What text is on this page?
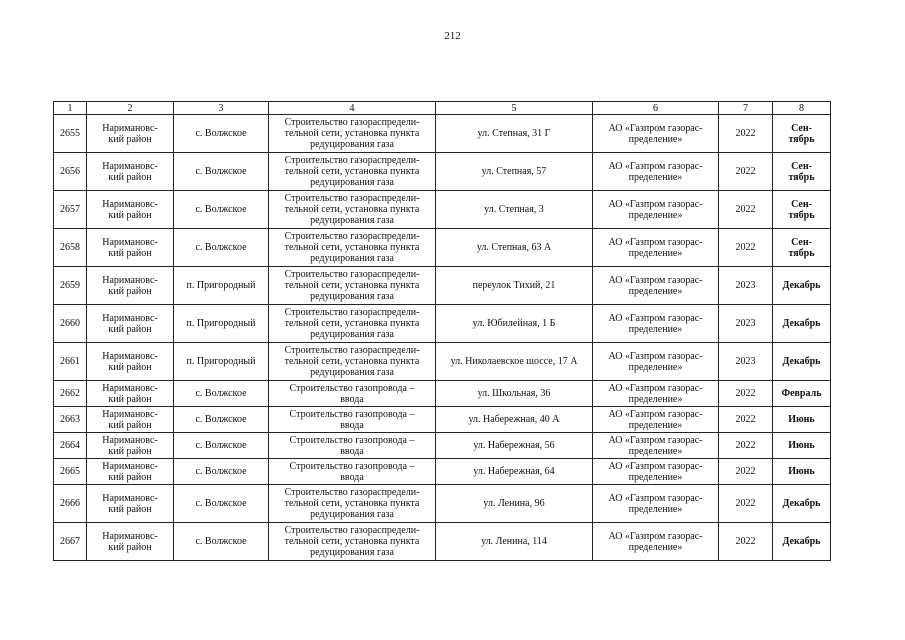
212
1	2	3	4	5	6	7	8
2655	Наримановс-
кий район	с. Волжское	Строительство газораспредели-
тельной сети, установка пункта
редуцирования газа	ул. Степная, 31 Г	АО «Газпром газорас-
пределение»	2022	Сен-
тябрь

2656	Наримановс-
кий район	с. Волжское	Строительство газораспредели-
тельной сети, установка пункта
редуцирования газа	ул. Степная, 57	АО «Газпром газорас-
пределение»	2022	Сен-
тябрь

2657	Наримановс-
кий район	с. Волжское	Строительство газораспредели-
тельной сети, установка пункта
редуцирования газа	ул. Степная, 3	АО «Газпром газорас-
пределение»	2022	Сен-
тябрь

2658	Наримановс-
кий район	с. Волжское	Строительство газораспредели-
тельной сети, установка пункта
редуцирования газа	ул. Степная, 63 А	АО «Газпром газорас-
пределение»	2022	Сен-
тябрь

2659	Наримановс-
кий район	п. Пригородный	Строительство газораспредели-
тельной сети, установка пункта
редуцирования газа	переулок Тихий, 21	АО «Газпром газорас-
пределение»	2023	Декабрь

2660	Наримановс-
кий район	п. Пригородный	Строительство газораспредели-
тельной сети, установка пункта
редуцирования газа	ул. Юбилейная, 1 Б	АО «Газпром газорас-
пределение»	2023	Декабрь

2661	Наримановс-
кий район	п. Пригородный	Строительство газораспредели-
тельной сети, установка пункта
редуцирования газа	ул. Николаевское шоссе, 17 А	АО «Газпром газорас-
пределение»	2023	Декабрь

2662	Наримановс-
кий район	с. Волжское	Строительство газопровода –
ввода	ул. Школьная, 36	АО «Газпром газорас-
пределение»	2022	Февраль

2663	Наримановс-
кий район	с. Волжское	Строительство газопровода –
ввода	ул. Набережная, 40 А	АО «Газпром газорас-
пределение»	2022	Июнь

2664	Наримановс-
кий район	с. Волжское	Строительство газопровода –
ввода	ул. Набережная, 56	АО «Газпром газорас-
пределение»	2022	Июнь

2665	Наримановс-
кий район	с. Волжское	Строительство газопровода –
ввода	ул. Набережная, 64	АО «Газпром газорас-
пределение»	2022	Июнь

2666	Наримановс-
кий район	с. Волжское	Строительство газораспредели-
тельной сети, установка пункта
редуцирования газа	ул. Ленина, 96	АО «Газпром газорас-
пределение»	2022	Декабрь

2667	Наримановс-
кий район	с. Волжское	Строительство газораспредели-
тельной сети, установка пункта
редуцирования газа	ул. Ленина, 114	АО «Газпром газорас-
пределение»	2022	Декабрь
